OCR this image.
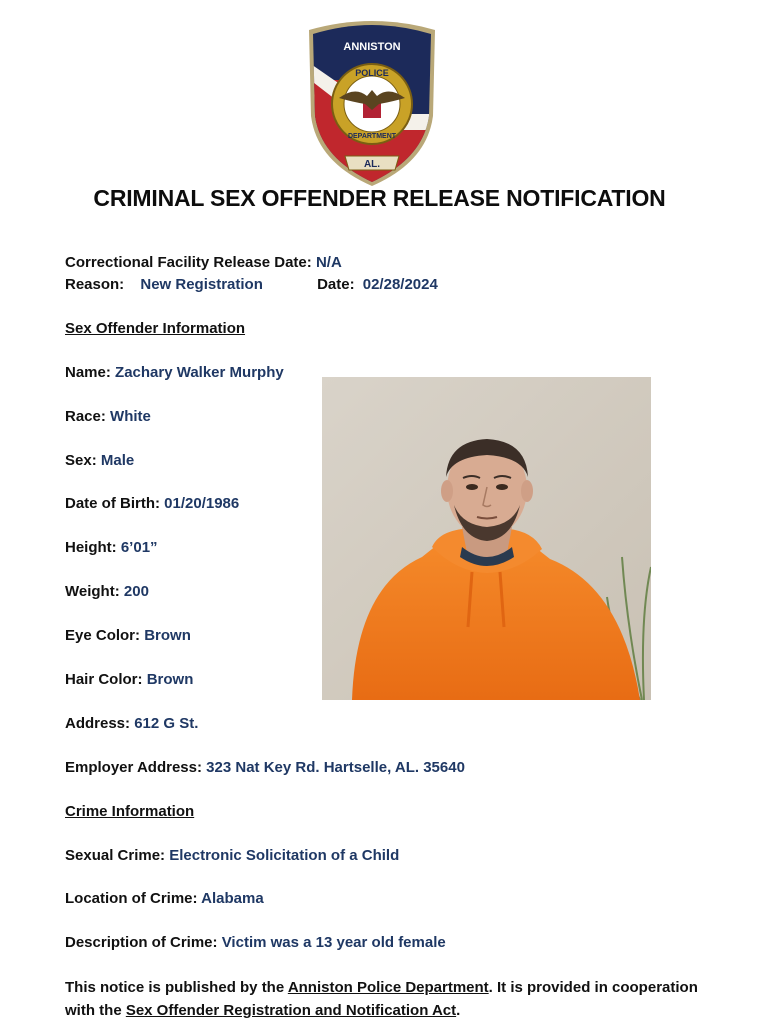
ANNISTON
POLICE
DEPARTMENT
AL.
CRIMINAL SEX OFFENDER RELEASE NOTIFICATION
Correctional Facility Release Date: N/A
Reason: New Registration	Date: 02/28/2024
Sex Offender Information
Name: Zachary Walker Murphy
Race: White
Sex: Male
Date of Birth: 01/20/1986
Height: 6’01”
Weight: 200
Eye Color: Brown
Hair Color: Brown
Address: 612 G St.
Employer Address: 323 Nat Key Rd. Hartselle, AL. 35640
Crime Information
Sexual Crime: Electronic Solicitation of a Child
Location of Crime: Alabama
Description of Crime: Victim was a 13 year old female
This notice is published by the Anniston Police Department. It is provided in cooperation with the Sex Offender Registration and Notification Act.
